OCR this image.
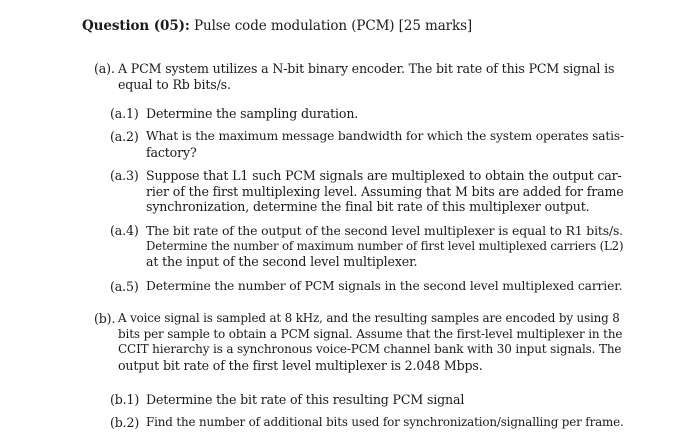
Question (05): Pulse code modulation (PCM) [25 marks]
(a). A PCM system utilizes a N-bit binary encoder. The bit rate of this PCM signal is
equal to Rb bits/s.
(a.1) Determine the sampling duration.
(a.2) What is the maximum message bandwidth for which the system operates satis-
factory?
(a.3) Suppose that L1 such PCM signals are multiplexed to obtain the output car-
rier of the first multiplexing level. Assuming that M bits are added for frame
synchronization, determine the final bit rate of this multiplexer output.
(a.4) The bit rate of the output of the second level multiplexer is equal to R1 bits/s.
Determine the number of maximum number of first level multiplexed carriers (L2)
at the input of the second level multiplexer.
(a.5) Determine the number of PCM signals in the second level multiplexed carrier.
(b). A voice signal is sampled at 8 kHz, and the resulting samples are encoded by using 8
bits per sample to obtain a PCM signal. Assume that the first-level multiplexer in the
CCIT hierarchy is a synchronous voice-PCM channel bank with 30 input signals. The
output bit rate of the first level multiplexer is 2.048 Mbps.
(b.1) Determine the bit rate of this resulting PCM signal
(b.2) Find the number of additional bits used for synchronization/signalling per frame.
